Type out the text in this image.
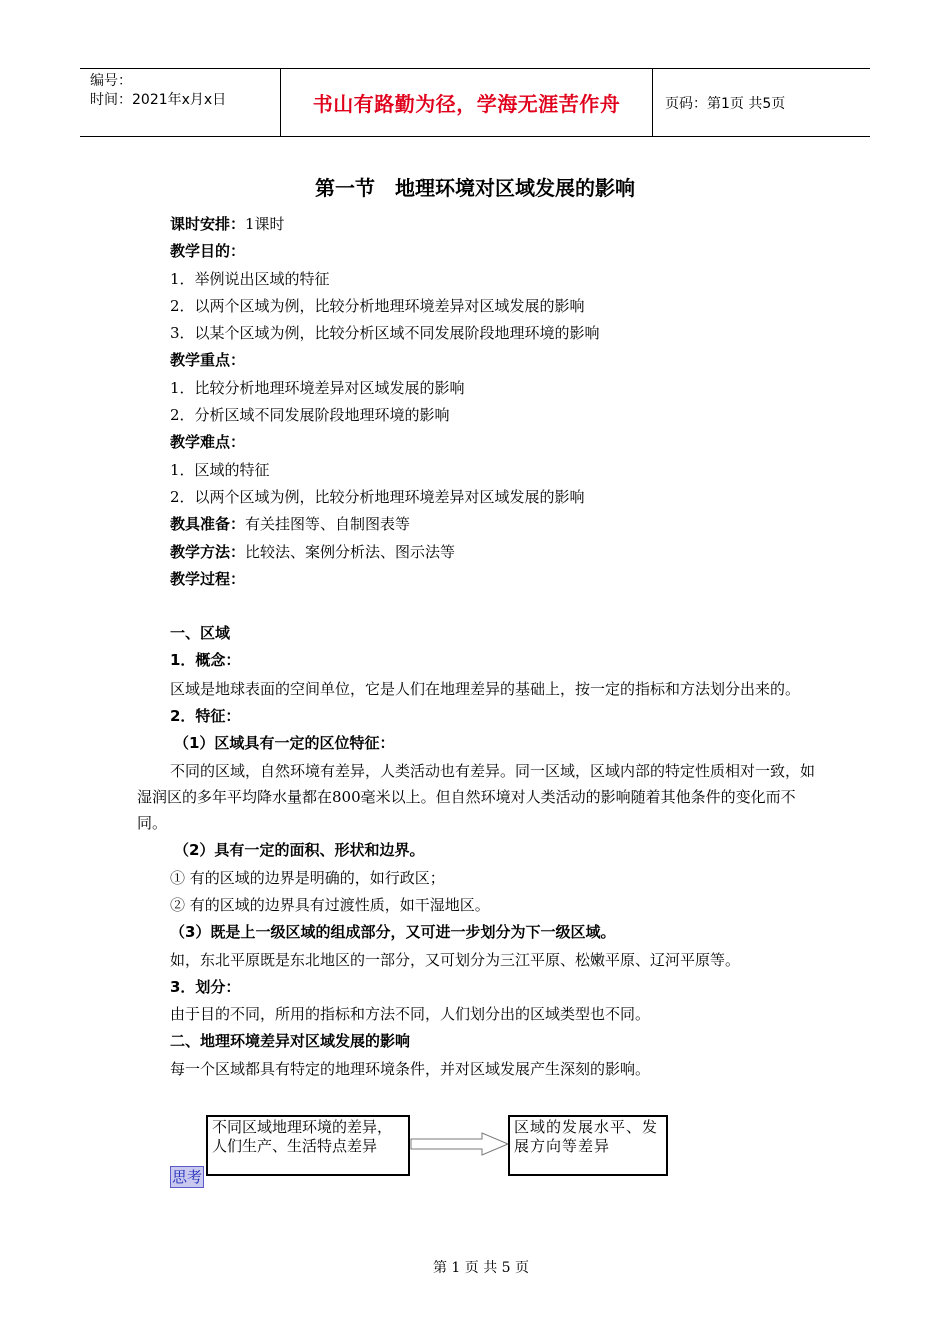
编号：
时间：2021年x月x日	书山有路勤为径，学海无涯苦作舟	页码：第1页 共5页
第一节　地理环境对区域发展的影响
课时安排：1课时
教学目的：
1．举例说出区域的特征
2．以两个区域为例，比较分析地理环境差异对区域发展的影响
3．以某个区域为例，比较分析区域不同发展阶段地理环境的影响
教学重点：
1．比较分析地理环境差异对区域发展的影响
2．分析区域不同发展阶段地理环境的影响
教学难点：
1．区域的特征
2．以两个区域为例，比较分析地理环境差异对区域发展的影响
教具准备：有关挂图等、自制图表等
教学方法：比较法、案例分析法、图示法等
教学过程：
一、区域
1．概念：
区域是地球表面的空间单位，它是人们在地理差异的基础上，按一定的指标和方法划分出来的。
2．特征：
（1）区域具有一定的区位特征：
不同的区域，自然环境有差异，人类活动也有差异。同一区域，区域内部的特定性质相对一致，如湿润区的多年平均降水量都在800毫米以上。但自然环境对人类活动的影响随着其他条件的变化而不同。
（2）具有一定的面积、形状和边界。
① 有的区域的边界是明确的，如行政区；
② 有的区域的边界具有过渡性质，如干湿地区。
（3）既是上一级区域的组成部分，又可进一步划分为下一级区域。
如，东北平原既是东北地区的一部分，又可划分为三江平原、松嫩平原、辽河平原等。
3．划分：
由于目的不同，所用的指标和方法不同，人们划分出的区域类型也不同。
二、地理环境差异对区域发展的影响
每一个区域都具有特定的地理环境条件，并对区域发展产生深刻的影响。
不同区域地理环境的差异，人们生产、生活特点差异
区域的发展水平、发展方向等差异
思考
第 1 页 共 5 页
